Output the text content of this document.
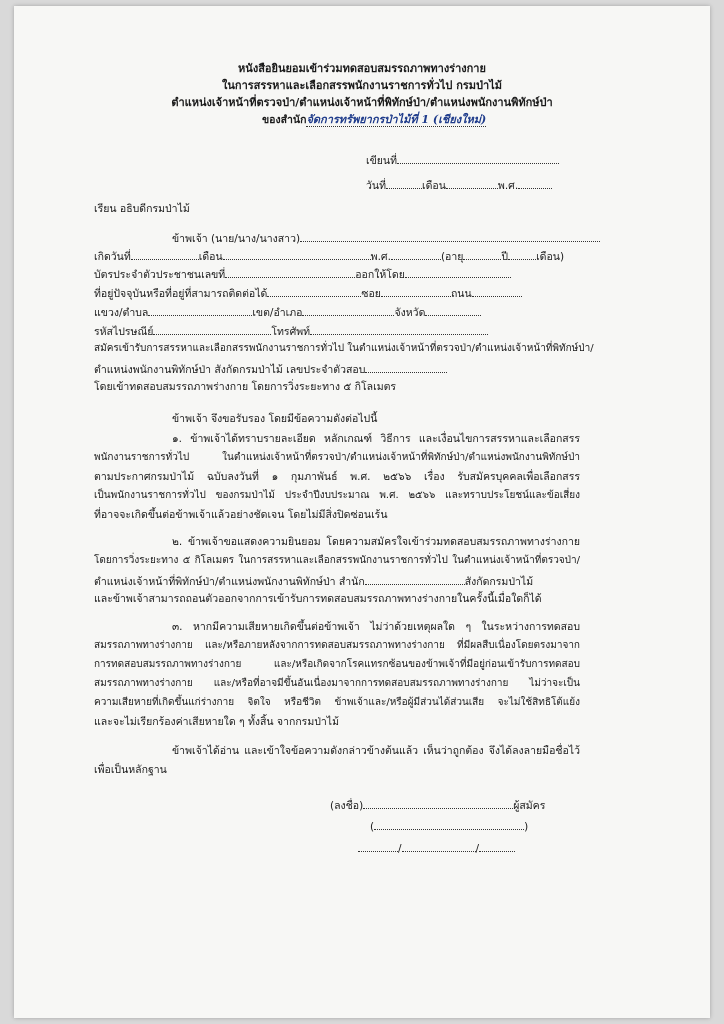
หนังสือยินยอมเข้าร่วมทดสอบสมรรถภาพทางร่างกาย
ในการสรรหาและเลือกสรรพนักงานราชการทั่วไป กรมป่าไม้
ตำแหน่งเจ้าหน้าที่ตรวจป่า/ตำแหน่งเจ้าหน้าที่พิทักษ์ป่า/ตำแหน่งพนักงานพิทักษ์ป่า
ของสำนักจัดการทรัพยากรป่าไม้ที่ 1 (เชียงใหม่)
เขียนที่
วันที่	เดือน	พ.ศ.
เรียน อธิบดีกรมป่าไม้
ข้าพเจ้า (นาย/นาง/นางสาว)
เกิดวันที่	เดือน	พ.ศ.	(อายุ	ปี	เดือน)
บัตรประจำตัวประชาชนเลขที่	ออกให้โดย
ที่อยู่ปัจจุบันหรือที่อยู่ที่สามารถติดต่อได้	ซอย	ถนน
แขวง/ตำบล	เขต/อำเภอ	จังหวัด
รหัสไปรษณีย์	โทรศัพท์
สมัครเข้ารับการสรรหาและเลือกสรรพนักงานราชการทั่วไป ในตำแหน่งเจ้าหน้าที่ตรวจป่า/ตำแหน่งเจ้าหน้าที่พิทักษ์ป่า/
ตำแหน่งพนักงานพิทักษ์ป่า สังกัดกรมป่าไม้ เลขประจำตัวสอบ
โดยเข้าทดสอบสมรรถภาพร่างกาย โดยการวิ่งระยะทาง ๕ กิโลเมตร
ข้าพเจ้า จึงขอรับรอง โดยมีข้อความดังต่อไปนี้
๑. ข้าพเจ้าได้ทราบรายละเอียด หลักเกณฑ์ วิธีการ และเงื่อนไขการสรรหาและเลือกสรร
พนักงานราชการทั่วไป ในตำแหน่งเจ้าหน้าที่ตรวจป่า/ตำแหน่งเจ้าหน้าที่พิทักษ์ป่า/ตำแหน่งพนักงานพิทักษ์ป่า
ตามประกาศกรมป่าไม้ ฉบับลงวันที่ ๑ กุมภาพันธ์ พ.ศ. ๒๕๖๖ เรื่อง รับสมัครบุคคลเพื่อเลือกสรร
เป็นพนักงานราชการทั่วไป ของกรมป่าไม้ ประจำปีงบประมาณ พ.ศ. ๒๕๖๖ และทราบประโยชน์และข้อเสี่ยง
ที่อาจจะเกิดขึ้นต่อข้าพเจ้าแล้วอย่างชัดเจน โดยไม่มีสิ่งปิดซ่อนเร้น
๒. ข้าพเจ้าขอแสดงความยินยอม โดยความสมัครใจเข้าร่วมทดสอบสมรรถภาพทางร่างกาย
โดยการวิ่งระยะทาง ๕ กิโลเมตร ในการสรรหาและเลือกสรรพนักงานราชการทั่วไป ในตำแหน่งเจ้าหน้าที่ตรวจป่า/
ตำแหน่งเจ้าหน้าที่พิทักษ์ป่า/ตำแหน่งพนักงานพิทักษ์ป่า สำนัก	สังกัดกรมป่าไม้
และข้าพเจ้าสามารถถอนตัวออกจากการเข้ารับการทดสอบสมรรถภาพทางร่างกายในครั้งนี้เมื่อใดก็ได้
๓. หากมีความเสียหายเกิดขึ้นต่อข้าพเจ้า ไม่ว่าด้วยเหตุผลใด ๆ ในระหว่างการทดสอบ
สมรรถภาพทางร่างกาย และ/หรือภายหลังจากการทดสอบสมรรถภาพทางร่างกาย ที่มีผลสืบเนื่องโดยตรงมาจาก
การทดสอบสมรรถภาพทางร่างกาย และ/หรือเกิดจากโรคแทรกซ้อนของข้าพเจ้าที่มีอยู่ก่อนเข้ารับการทดสอบ
สมรรถภาพทางร่างกาย และ/หรือที่อาจมีขึ้นอันเนื่องมาจากการทดสอบสมรรถภาพทางร่างกาย ไม่ว่าจะเป็น
ความเสียหายที่เกิดขึ้นแก่ร่างกาย จิตใจ หรือชีวิต ข้าพเจ้าและ/หรือผู้มีส่วนได้ส่วนเสีย จะไม่ใช้สิทธิโต้แย้ง
และจะไม่เรียกร้องค่าเสียหายใด ๆ ทั้งสิ้น จากกรมป่าไม้
ข้าพเจ้าได้อ่าน และเข้าใจข้อความดังกล่าวข้างต้นแล้ว เห็นว่าถูกต้อง จึงได้ลงลายมือชื่อไว้
เพื่อเป็นหลักฐาน
(ลงชื่อ)	ผู้สมัคร
(	)
/	/
